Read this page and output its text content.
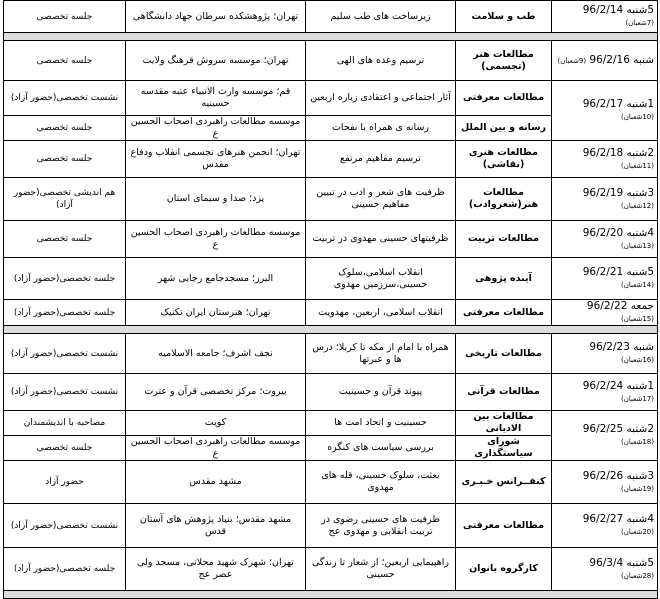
5شنبه 96/2/14 (7شعبان)	طب و سلامت	زیرساخت های طب سلیم	تهران؛ پژوهشکده سرطان جهاد دانشگاهی	جلسه تخصصی

شنبه 96/2/16 (9شعبان)	مطالعات هنر (تجسمی)	ترسیم وعده های الهی	تهران؛ موسسه سروش قرهنگ ولایت	جلسه تخصصی
1شنبه 96/2/17 (10شعبان)	مطالعات معرفتی	آثار اجتماعی و اعتقادی زیاره اربعین	قم؛ موسسه وارث الانبیاء عتبه مقدسه حسینیه	نشست تخصصی(حضور آزاد)
	رسانه و بین الملل	رسانه ی همراه با نفحات	موسسه مطالعات راهبردی اصحاب الحسین ع	جلسه تخصصی
2شنبه 96/2/18 (11شعبان)	مطالعات هنری (نقاشی)	ترسیم مفاهیم مرتفع	تهران؛ انجمن هنرهای تجسمی انقلاب ودفاع مقدس	جلسه تخصصی
3شنبه 96/2/19 (12شعبان)	مطالعات هنر(شعروادب)	ظرفیت های شعر و ادب در تبیین مفاهیم حسینی	یزد؛ صدا و سیمای استان	هم اندیشی تخصصی(حضور آزاد)
4شنبه 96/2/20 (13شعبان)	مطالعات تربیت	ظرفیتهای حسینی مهدوی در تربیت	موسسه مطالعات راهبردی اصحاب الحسین ع	جلسه تخصصی
5شنبه 96/2/21 (14شعبان)	آینده پژوهی	انقلاب اسلامی،سلوک حسینی،سرزمین مهدوی	البرز؛ مسجدجامع رجایی شهر	جلسه تخصصی(حضور آزاد)
جمعه 96/2/22 (15شعبان)	مطالعات معرفتی	انقلاب اسلامی، اربعین، مهدویت	تهران؛ هنرستان ایران تکنیک	جلسه تخصصی(حضور آزاد)

شنبه 96/2/23 (16شعبان)	مطالعات تاریخی	همراه با امام از مکه تا کربلا؛ درس ها و عبرتها	نجف اشرف؛ جامعه الاسلامیه	نشست تخصصی(حضور آزاد)
1شنبه 96/2/24 (17شعبان)	مطالعات قرآنی	پیوند قرآن و حسینیت	بیروت؛ مرکز تخصصی قرآن و عترت	نشست تخصصی(حضور آزاد)
2شنبه 96/2/25 (18شعبان)	مطالعات بین الادیانی	حسینیت و اتحاد امت ها	کویت	مصاحبه با اندیشمندان
	شورای سیاستگذاری	بررسی سیاست های کنگره	موسسه مطالعات راهبردی اصحاب الحسین ع	جلسه تخصصی
3شنبه 96/2/26 (19شعبان)	کنفــرانس خـبـری	بعثت، سلوک حسینی، قله های مهدوی	مشهد مقدس	حضور آزاد
4شنبه 96/2/27 (20شعبان)	مطالعات معرفتی	ظرفیت های حسینی رضوی در تربیت انقلابی و مهدوی عج	مشهد مقدس؛ بنیاد پژوهش های آستان قدس	نشست تخصصی(حضور آزاد)
5شنبه 96/3/4 (28شعبان)	کارگروه بانوان	راهپیمایی اربعین؛ از شعار تا زندگی حسینی	تهران؛ شهرک شهید محلاتی، مسجد ولی عصر عج	جلسه تخصصی(حضور آزاد)
